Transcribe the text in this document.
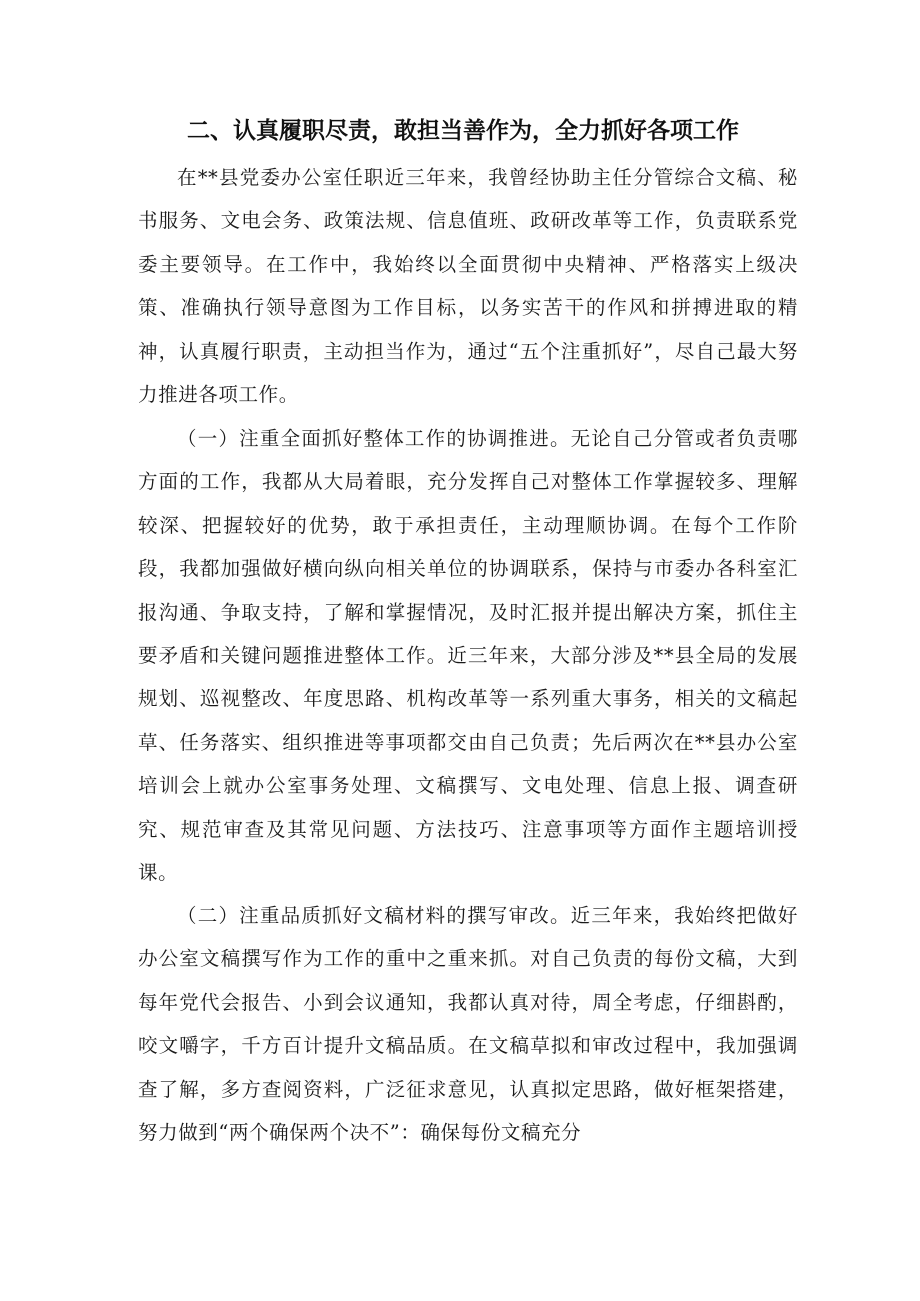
二、认真履职尽责，敢担当善作为，全力抓好各项工作

在**县党委办公室任职近三年来，我曾经协助主任分管综合文稿、秘书服务、文电会务、政策法规、信息值班、政研改革等工作，负责联系党委主要领导。在工作中，我始终以全面贯彻中央精神、严格落实上级决策、准确执行领导意图为工作目标，以务实苦干的作风和拼搏进取的精神，认真履行职责，主动担当作为，通过“五个注重抓好”，尽自己最大努力推进各项工作。

（一）注重全面抓好整体工作的协调推进。无论自己分管或者负责哪方面的工作，我都从大局着眼，充分发挥自己对整体工作掌握较多、理解较深、把握较好的优势，敢于承担责任，主动理顺协调。在每个工作阶段，我都加强做好横向纵向相关单位的协调联系，保持与市委办各科室汇报沟通、争取支持，了解和掌握情况，及时汇报并提出解决方案，抓住主要矛盾和关键问题推进整体工作。近三年来，大部分涉及**县全局的发展规划、巡视整改、年度思路、机构改革等一系列重大事务，相关的文稿起草、任务落实、组织推进等事项都交由自己负责；先后两次在**县办公室培训会上就办公室事务处理、文稿撰写、文电处理、信息上报、调查研究、规范审查及其常见问题、方法技巧、注意事项等方面作主题培训授课。

（二）注重品质抓好文稿材料的撰写审改。近三年来，我始终把做好办公室文稿撰写作为工作的重中之重来抓。对自己负责的每份文稿，大到每年党代会报告、小到会议通知，我都认真对待，周全考虑，仔细斟酌，咬文嚼字，千方百计提升文稿品质。在文稿草拟和审改过程中，我加强调查了解，多方查阅资料，广泛征求意见，认真拟定思路，做好框架搭建，努力做到“两个确保两个决不”：确保每份文稿充分
